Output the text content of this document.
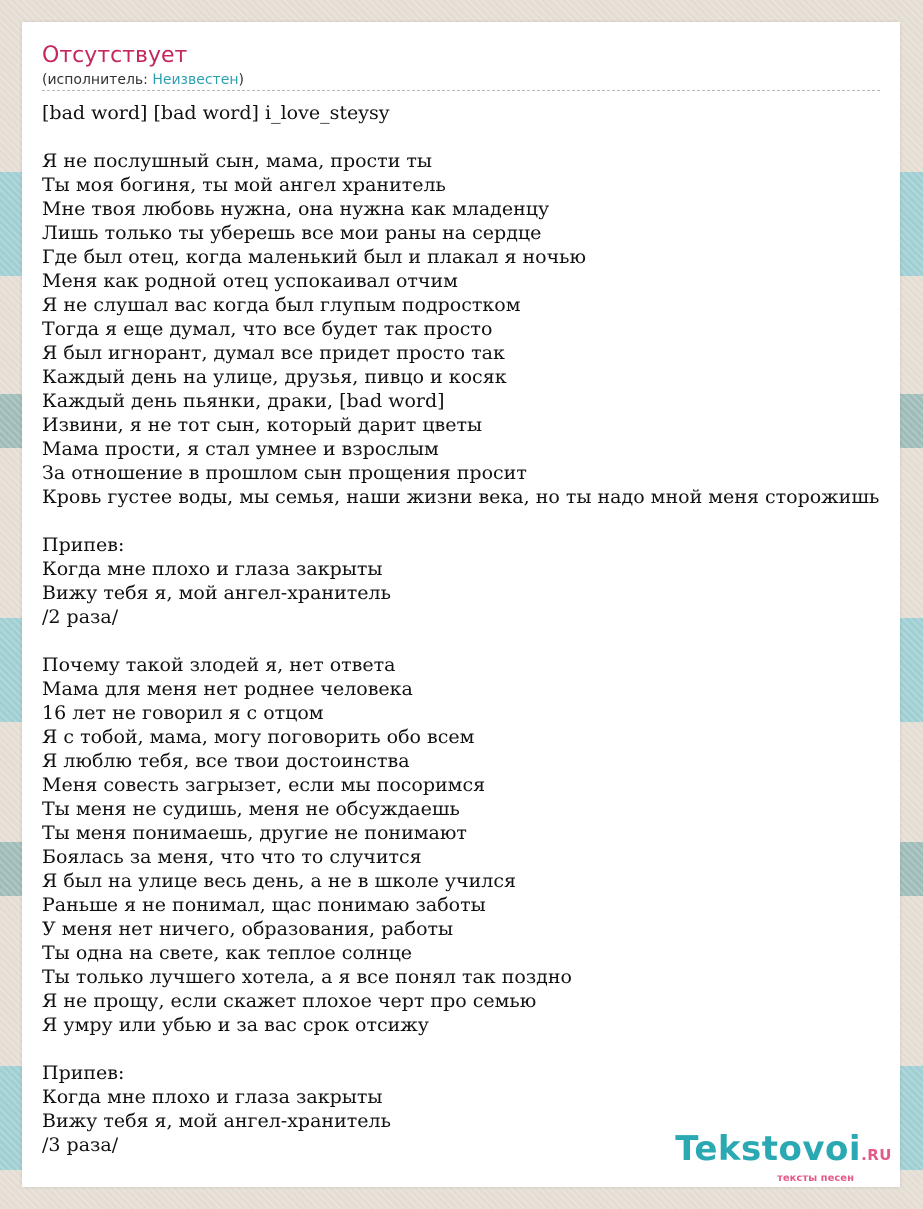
Отсутствует
(исполнитель: Неизвестен)
[bad word] [bad word] i_love_steysy
Я не послушный сын, мама, прости ты
Ты моя богиня, ты мой ангел хранитель
Мне твоя любовь нужна, она нужна как младенцу
Лишь только ты уберешь все мои раны на сердце
Где был отец, когда маленький был и плакал я ночью
Меня как родной отец успокаивал отчим
Я не слушал вас когда был глупым подростком
Тогда я еще думал, что все будет так просто
Я был игнорант, думал все придет просто так
Каждый день на улице, друзья, пивцо и косяк
Каждый день пьянки, драки, [bad word]
Извини, я не тот сын, который дарит цветы
Мама прости, я стал умнее и взрослым
За отношение в прошлом сын прощения просит
Кровь густее воды, мы семья, наши жизни века, но ты надо мной меня сторожишь
Припев:
Когда мне плохо и глаза закрыты
Вижу тебя я, мой ангел-хранитель
/2 раза/
Почему такой злодей я, нет ответа
Мама для меня нет роднее человека
16 лет не говорил я с отцом
Я с тобой, мама, могу поговорить обо всем
Я люблю тебя, все твои достоинства
Меня совесть загрызет, если мы посоримся
Ты меня не судишь, меня не обсуждаешь
Ты меня понимаешь, другие не понимают
Боялась за меня, что что то случится
Я был на улице весь день, а не в школе учился
Раньше я не понимал, щас понимаю заботы
У меня нет ничего, образования, работы
Ты одна на свете, как теплое солнце
Ты только лучшего хотела, а я все понял так поздно
Я не прощу, если скажет плохое черт про семью
Я умру или убью и за вас срок отсижу
Припев:
Когда мне плохо и глаза закрыты
Вижу тебя я, мой ангел-хранитель
/3 раза/	Tekstovoi.RU
тексты песен
